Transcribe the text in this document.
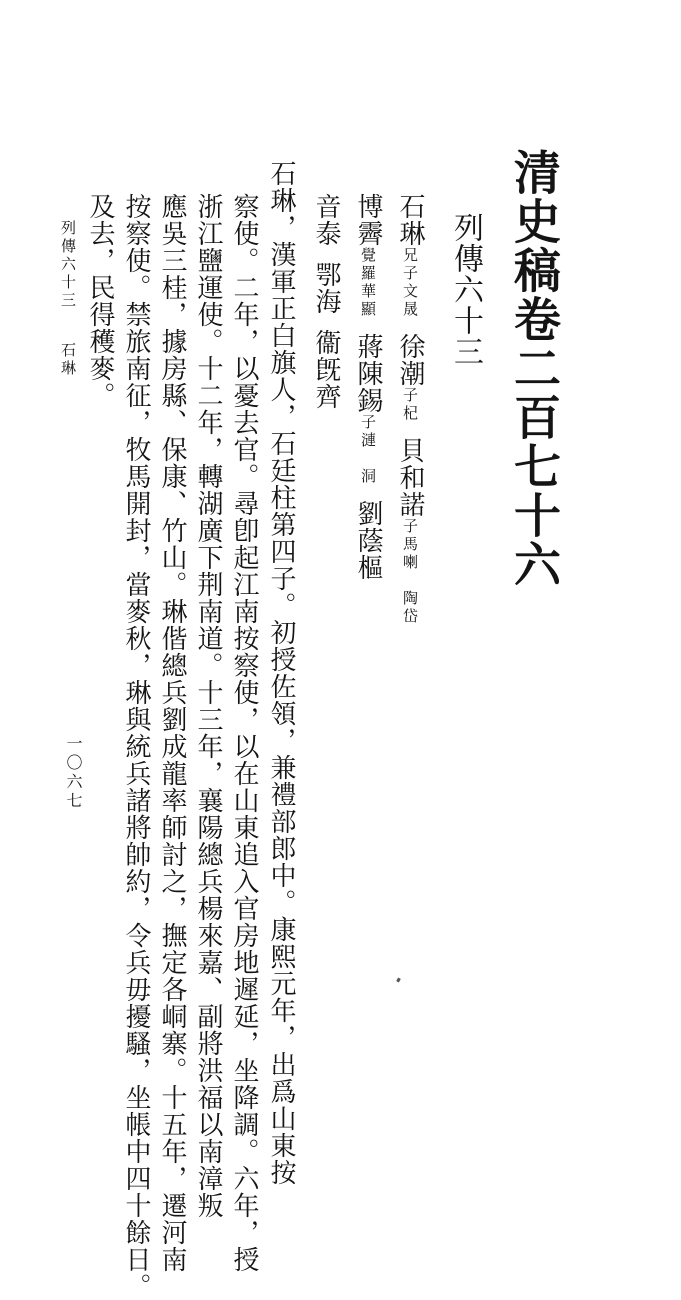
清史稿卷二百七十六
列傳六十三
石琳兄子文晟徐潮子杞貝和諾子馬喇　陶岱
博霽覺羅華顯蔣陳錫子漣　洞劉蔭樞
音泰鄂海衞旣齊
石琳，漢軍正白旗人，石廷柱第四子。初授佐領，兼禮部郎中。康熙元年，出爲山東按
察使。二年，以憂去官。尋卽起江南按察使，以在山東追入官房地遲延，坐降調。六年，授
浙江鹽運使。十二年，轉湖廣下荆南道。十三年，襄陽總兵楊來嘉、副將洪福以南漳叛
應吳三桂，據房縣、保康、竹山。琳偕總兵劉成龍率師討之，撫定各峒寨。十五年，遷河南
按察使。禁旅南征，牧馬開封，當麥秋，琳與統兵諸將帥約，令兵毋擾騷，坐帳中四十餘日。
及去，民得穫麥。
列傳六十三石琳
一〇六七
